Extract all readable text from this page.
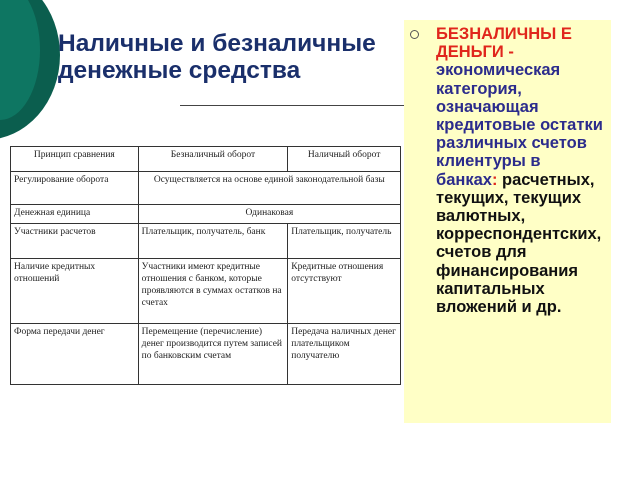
Наличные и безналичные денежные средства
Принцип сравнения	Безналичный оборот	Наличный оборот
Регулирование оборота	Осуществляется на основе единой законодательной базы	
Денежная единица	Одинаковая	
Участники расчетов	Плательщик, получатель, банк	Плательщик, получатель
Наличие кредитных отношений	Участники имеют кредитные отношения с банком, которые проявляются в суммах остатков на счетах	Кредитные отношения отсутствуют
Форма передачи денег	Перемещение (перечисление) денег производится путем записей по банковским счетам	Передача наличных денег плательщиком получателю
БЕЗНАЛИЧНЫ Е ДЕНЬГИ - экономическая категория, означающая кредитовые остатки различных счетов клиентуры в банках: расчетных, текущих, текущих валютных, корреспондентских, счетов для финансирования капитальных вложений и др.
